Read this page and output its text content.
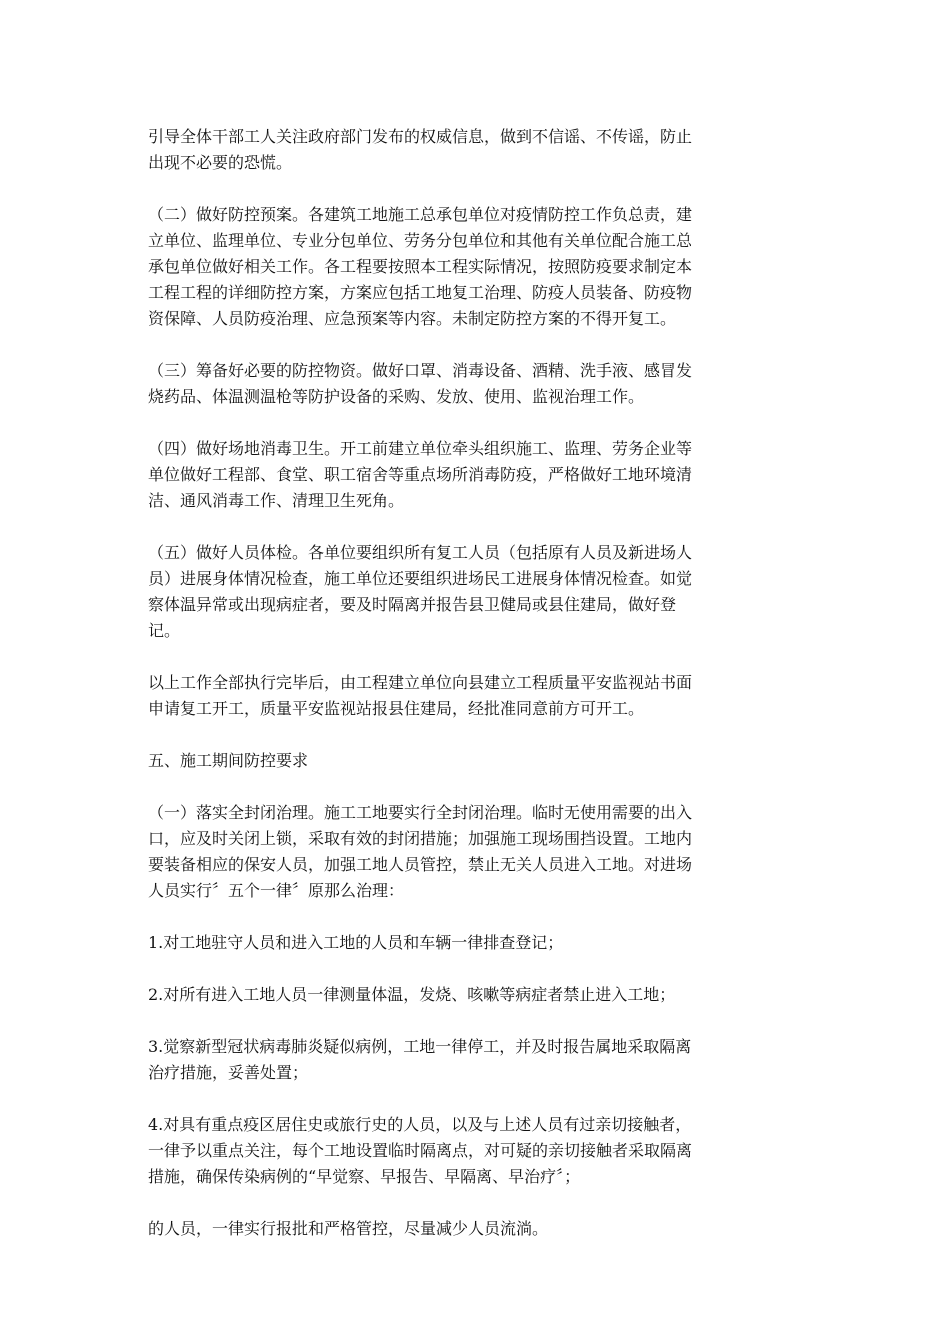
引导全体干部工人关注政府部门发布的权威信息，做到不信谣、不传谣，防止
出现不必要的恐慌。

（二）做好防控预案。各建筑工地施工总承包单位对疫情防控工作负总责，建
立单位、监理单位、专业分包单位、劳务分包单位和其他有关单位配合施工总
承包单位做好相关工作。各工程要按照本工程实际情况，按照防疫要求制定本
工程工程的详细防控方案，方案应包括工地复工治理、防疫人员装备、防疫物
资保障、人员防疫治理、应急预案等内容。未制定防控方案的不得开复工。

（三）筹备好必要的防控物资。做好口罩、消毒设备、酒精、洗手液、感冒发
烧药品、体温测温枪等防护设备的采购、发放、使用、监视治理工作。

（四）做好场地消毒卫生。开工前建立单位牵头组织施工、监理、劳务企业等
单位做好工程部、食堂、职工宿舍等重点场所消毒防疫，严格做好工地环境清
洁、通风消毒工作、清理卫生死角。

（五）做好人员体检。各单位要组织所有复工人员（包括原有人员及新进场人
员）进展身体情况检查，施工单位还要组织进场民工进展身体情况检查。如觉
察体温异常或出现病症者，要及时隔离并报告县卫健局或县住建局，做好登
记。

以上工作全部执行完毕后，由工程建立单位向县建立工程质量平安监视站书面
申请复工开工，质量平安监视站报县住建局，经批准同意前方可开工。

五、施工期间防控要求

（一）落实全封闭治理。施工工地要实行全封闭治理。临时无使用需要的出入
口，应及时关闭上锁，采取有效的封闭措施；加强施工现场围挡设置。工地内
要装备相应的保安人员，加强工地人员管控，禁止无关人员进入工地。对进场
人员实行〞五个一律〞原那么治理：

1.对工地驻守人员和进入工地的人员和车辆一律排查登记；

2.对所有进入工地人员一律测量体温，发烧、咳嗽等病症者禁止进入工地；

3.觉察新型冠状病毒肺炎疑似病例，工地一律停工，并及时报告属地采取隔离
治疗措施，妥善处置；

4.对具有重点疫区居住史或旅行史的人员，以及与上述人员有过亲切接触者，
一律予以重点关注，每个工地设置临时隔离点，对可疑的亲切接触者采取隔离
措施，确保传染病例的“早觉察、早报告、早隔离、早治疗〞；

的人员，一律实行报批和严格管控，尽量减少人员流淌。
